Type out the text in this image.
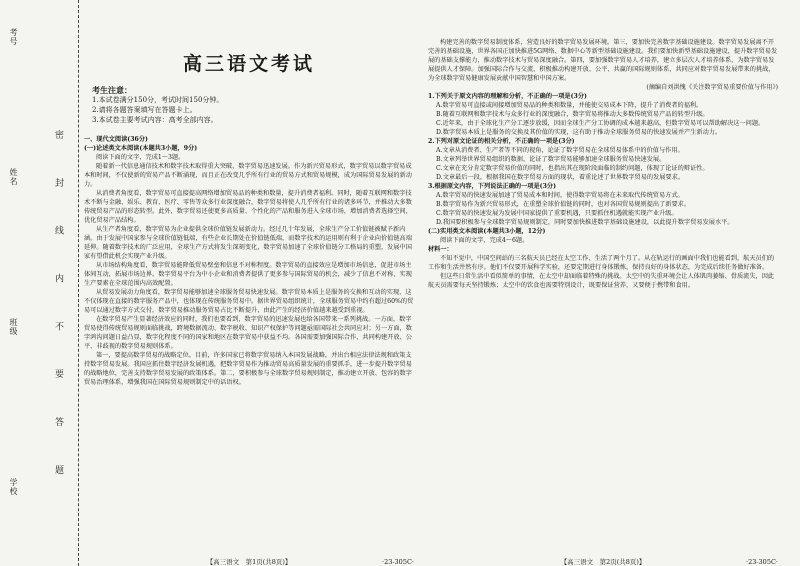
考号
姓名
班级
学校	密 封 线 内 不 要 答 题
高三语文考试
考生注意：
1.本试卷满分150分，考试时间150分钟。
2.请将各题答案填写在答题卡上。
3.本试卷主要考试内容：高考全部内容。

一、现代文阅读(36分)

(一)论述类文本阅读(本题共3小题，9分)

阅读下面的文字，完成1～3题。

随着新一代信息通信技术和数字技术取得重大突破，数字贸易迅速发展。作为新兴贸易形式，数字贸易以数字贸易成本和时间，不仅使新的贸易产品不断涌现，而且正在改变几乎所有行业的贸易方式和贸易规模，成为国际贸易发展的新动力。

从消费者角度看，数字贸易可直接提高网络增加贸易品的种类和数量，提升消费者福利。同时，随着互联网和数字技术不断与金融、娱乐、教育、医疗、零售等众多行业深度融合，数字贸易将使人几乎所有行业的诸多环节，并推动大多数传统贸易产品的形态转型。此外，数字贸易还使更多高质量、个性化的产品和服务进入全球市场，增加消费者选择空间，优化贸易产品结构。

从生产者角度看，数字贸易为企业提供全球价值链发展新动力。经过几十年发展，全球生产分工价值链被赋予新内涵。由于发展中国家参与全球价值链低端，有些企业长期处在价值链低端，而数字技术的运用则有利于企业向价值链高端延伸。随着数字技术的广泛应用，全球生产方式将发生深刻变化，数字贸易加速了全球价值链分工格局的重塑，发展中国家有望借此机会实现产业升级。

从市场结构角度看，数字贸易能降低贸易壁垒和信息不对称程度。数字贸易的直接效应是增加市场信息，促进市场主体间互动，拓展市场边界。数字贸易平台为中小企业和消费者提供了更多参与国际贸易的机会，减少了信息不对称，实现生产要素在全球范围内高效配置。

从贸易发展动力角度看，数字贸易能够加速全球服务贸易快速发展。数字贸易本质上是服务的交换和互动的实现，这不仅体现在直接的数字服务产品中，也体现在传统服务贸易中。据世界贸易组织统计，全球服务贸易中约有超过60%的贸易可以通过数字方式交付，数字贸易推动服务贸易占比不断提升，由此产生的经济价值越来越受到重视。

在数字贸易产生显著经济效应的同时，我们也要看到，数字贸易的迅速发展也给各国带来一系列挑战。一方面，数字贸易使得传统贸易规则面临挑战，跨境数据流动、数字税收、知识产权保护等问题亟需国际社会共同应对；另一方面，数字鸿沟问题日益凸显，数字化程度不同的国家和地区在数字贸易中获益不均。各国需要加强国际合作，共同构建开放、公平、非歧视的数字贸易规则体系。

第一，要提高数字贸易的战略定位。目前，许多国家已将数字贸易纳入本国发展战略，并出台相应法律法规和政策支持数字贸易发展。我国应抓住数字经济发展机遇，把数字贸易作为推动贸易高质量发展的重要抓手，进一步提升数字贸易的战略地位，完善支持数字贸易发展的政策体系。第二，要积极参与全球数字贸易规则制定，推动建立开放、包容的数字贸易治理体系，增强我国在国际贸易规则制定中的话语权。

【高三语文　第1页(共8页)】	·23-305C·

构建完善的数字贸易制度体系，营造良好的数字贸易发展环境。第三，要加快完善数字基础设施建设。数字贸易发展离不开完善的基础设施，世界各国正加快推进5G网络、数据中心等新型基础设施建设。我们要加快新型基础设施建设，提升数字贸易发展的基础支撑能力，推动数字技术与贸易深度融合。第四，要加强数字贸易人才培养，建立多层次人才培养体系，为数字贸易发展提供人才保障。加强国际合作与交流，积极推动构建开放、公平、共赢的国际规则体系，共同应对数字贸易发展带来的挑战，为全球数字贸易健康发展贡献中国智慧和中国方案。

(摘编自刘洪愧《关注数字贸易重要价值与作用》)

1.下列关于原文内容的理解和分析，不正确的一项是(3分)

A.数字贸易可直接或间接增加贸易品的种类和数量，并能使交易成本下降，提升了消费者的福利。

B.随着互联网和数字技术与众多行业的深度融合，数字贸易将推动大多数传统贸易产品的转型升级。

C.近年来，由于全球化生产分工逐步放缓，因而全球生产分工协调的成本越来越高，但数字贸易可以帮助解决这一问题。

D.数字贸易本质上是服务的交换及其价值的实现，这有助于推动全球服务贸易的快速发展并产生新动力。

2.下列对原文论证的相关分析，不正确的一项是(3分)

A.文章从消费者、生产者等不同的视角，论证了数字贸易在全球贸易体系中的价值与作用。

B.文章列举世界贸易组织的数据，论证了数字贸易能够加速全球服务贸易快速发展。

C.文章在充分肯定数字贸易价值的同时，也指出其在现阶段面临的制约问题，体现了论证的辩证性。

D.文章最后一段，根据我国在数字贸易方面的现状，着重论述了世界数字贸易的发展要求。

3.根据原文内容，下列说法正确的一项是(3分)

A.数字贸易的快速发展加速了贸易成本和时间，使得数字贸易将在未来取代传统贸易方式。

B.数字贸易作为新兴贸易形式，在重塑全球价值链的同时，也对各国贸易规则提出了新要求。

C.数字贸易的快速发展为发展中国家提供了重要机遇，只要抓住机遇就能实现产业升级。

D.我国要积极参与全球数字贸易规则制定，同时要加快推进数字基础设施建设，以此提升数字贸易发展水平。

(二)实用类文本阅读(本题共3小题，12分)

阅读下面的文字，完成4～6题。

材料一：

不知不觉中，中国空间站的三名航天员已经在太空工作、生活了两个月了。从在轨运行的画面中我们也能看到，航天员们的工作和生活井然有序。他们不仅要开展科学实验，还要定期进行身体锻炼，保持良好的身体状态，为完成后续任务做好准备。

但这些日常生活中看似简单的事情，在太空中却面临着特殊的挑战。太空中的失重环境会让人体肌肉萎缩、骨质流失，因此航天员需要每天坚持锻炼；太空中的饮食也需要特别设计，既要保证营养，又要便于携带和食用。

【高三语文　第2页(共8页)】	·23-305C·
